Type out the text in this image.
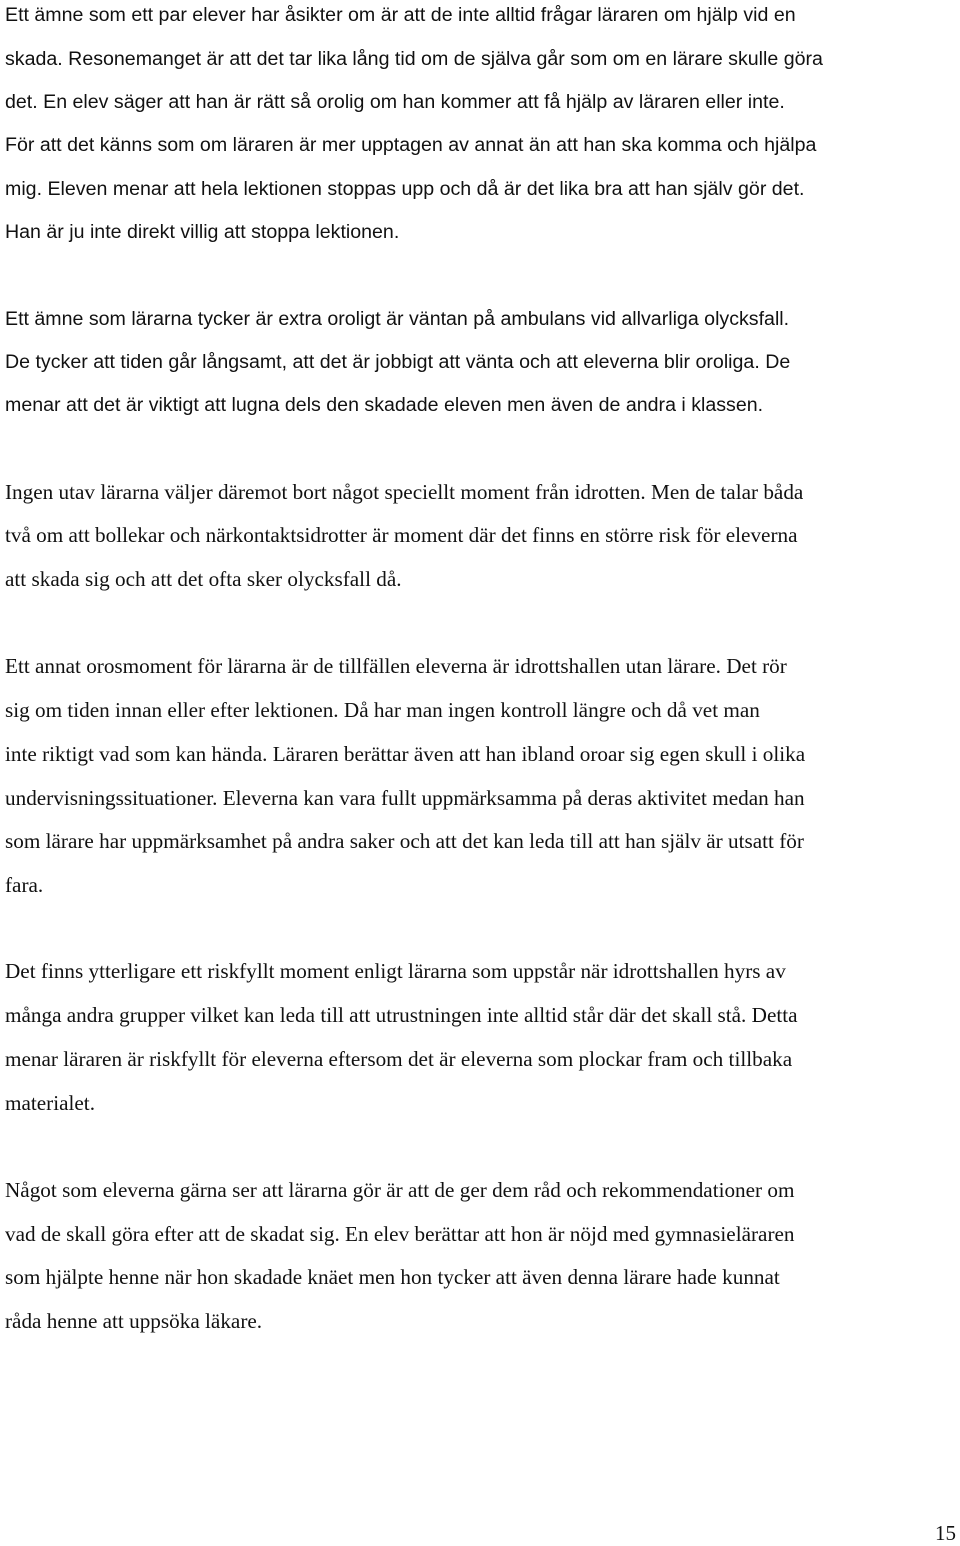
Ett ämne som ett par elever har åsikter om är att de inte alltid frågar läraren om hjälp vid en
skada. Resonemanget är att det tar lika lång tid om de själva går som om en lärare skulle göra
det. En elev säger att han är rätt så orolig om han kommer att få hjälp av läraren eller inte.
För att det känns som om läraren är mer upptagen av annat än att han ska komma och hjälpa
mig. Eleven menar att hela lektionen stoppas upp och då är det lika bra att han själv gör det.
Han är ju inte direkt villig att stoppa lektionen.
Ett ämne som lärarna tycker är extra oroligt är väntan på ambulans vid allvarliga olycksfall.
De tycker att tiden går långsamt, att det är jobbigt att vänta och att eleverna blir oroliga. De
menar att det är viktigt att lugna dels den skadade eleven men även de andra i klassen.
Ingen utav lärarna väljer däremot bort något speciellt moment från idrotten. Men de talar båda
två om att bollekar och närkontaktsidrotter är moment där det finns en större risk för eleverna
att skada sig och att det ofta sker olycksfall då.
Ett annat orosmoment för lärarna är de tillfällen eleverna är idrottshallen utan lärare. Det rör
sig om tiden innan eller efter lektionen. Då har man ingen kontroll längre och då vet man
inte riktigt vad som kan hända. Läraren berättar även att han ibland oroar sig egen skull i olika
undervisningssituationer. Eleverna kan vara fullt uppmärksamma på deras aktivitet medan han
som lärare har uppmärksamhet på andra saker och att det kan leda till att han själv är utsatt för
fara.
Det finns ytterligare ett riskfyllt moment enligt lärarna som uppstår när idrottshallen hyrs av
många andra grupper vilket kan leda till att utrustningen inte alltid står där det skall stå. Detta
menar läraren är riskfyllt för eleverna eftersom det är eleverna som plockar fram och tillbaka
materialet.
Något som eleverna gärna ser att lärarna gör är att de ger dem råd och rekommendationer om
vad de skall göra efter att de skadat sig. En elev berättar att hon är nöjd med gymnasieläraren
som hjälpte henne när hon skadade knäet men hon tycker att även denna lärare hade kunnat
råda henne att uppsöka läkare.
15
